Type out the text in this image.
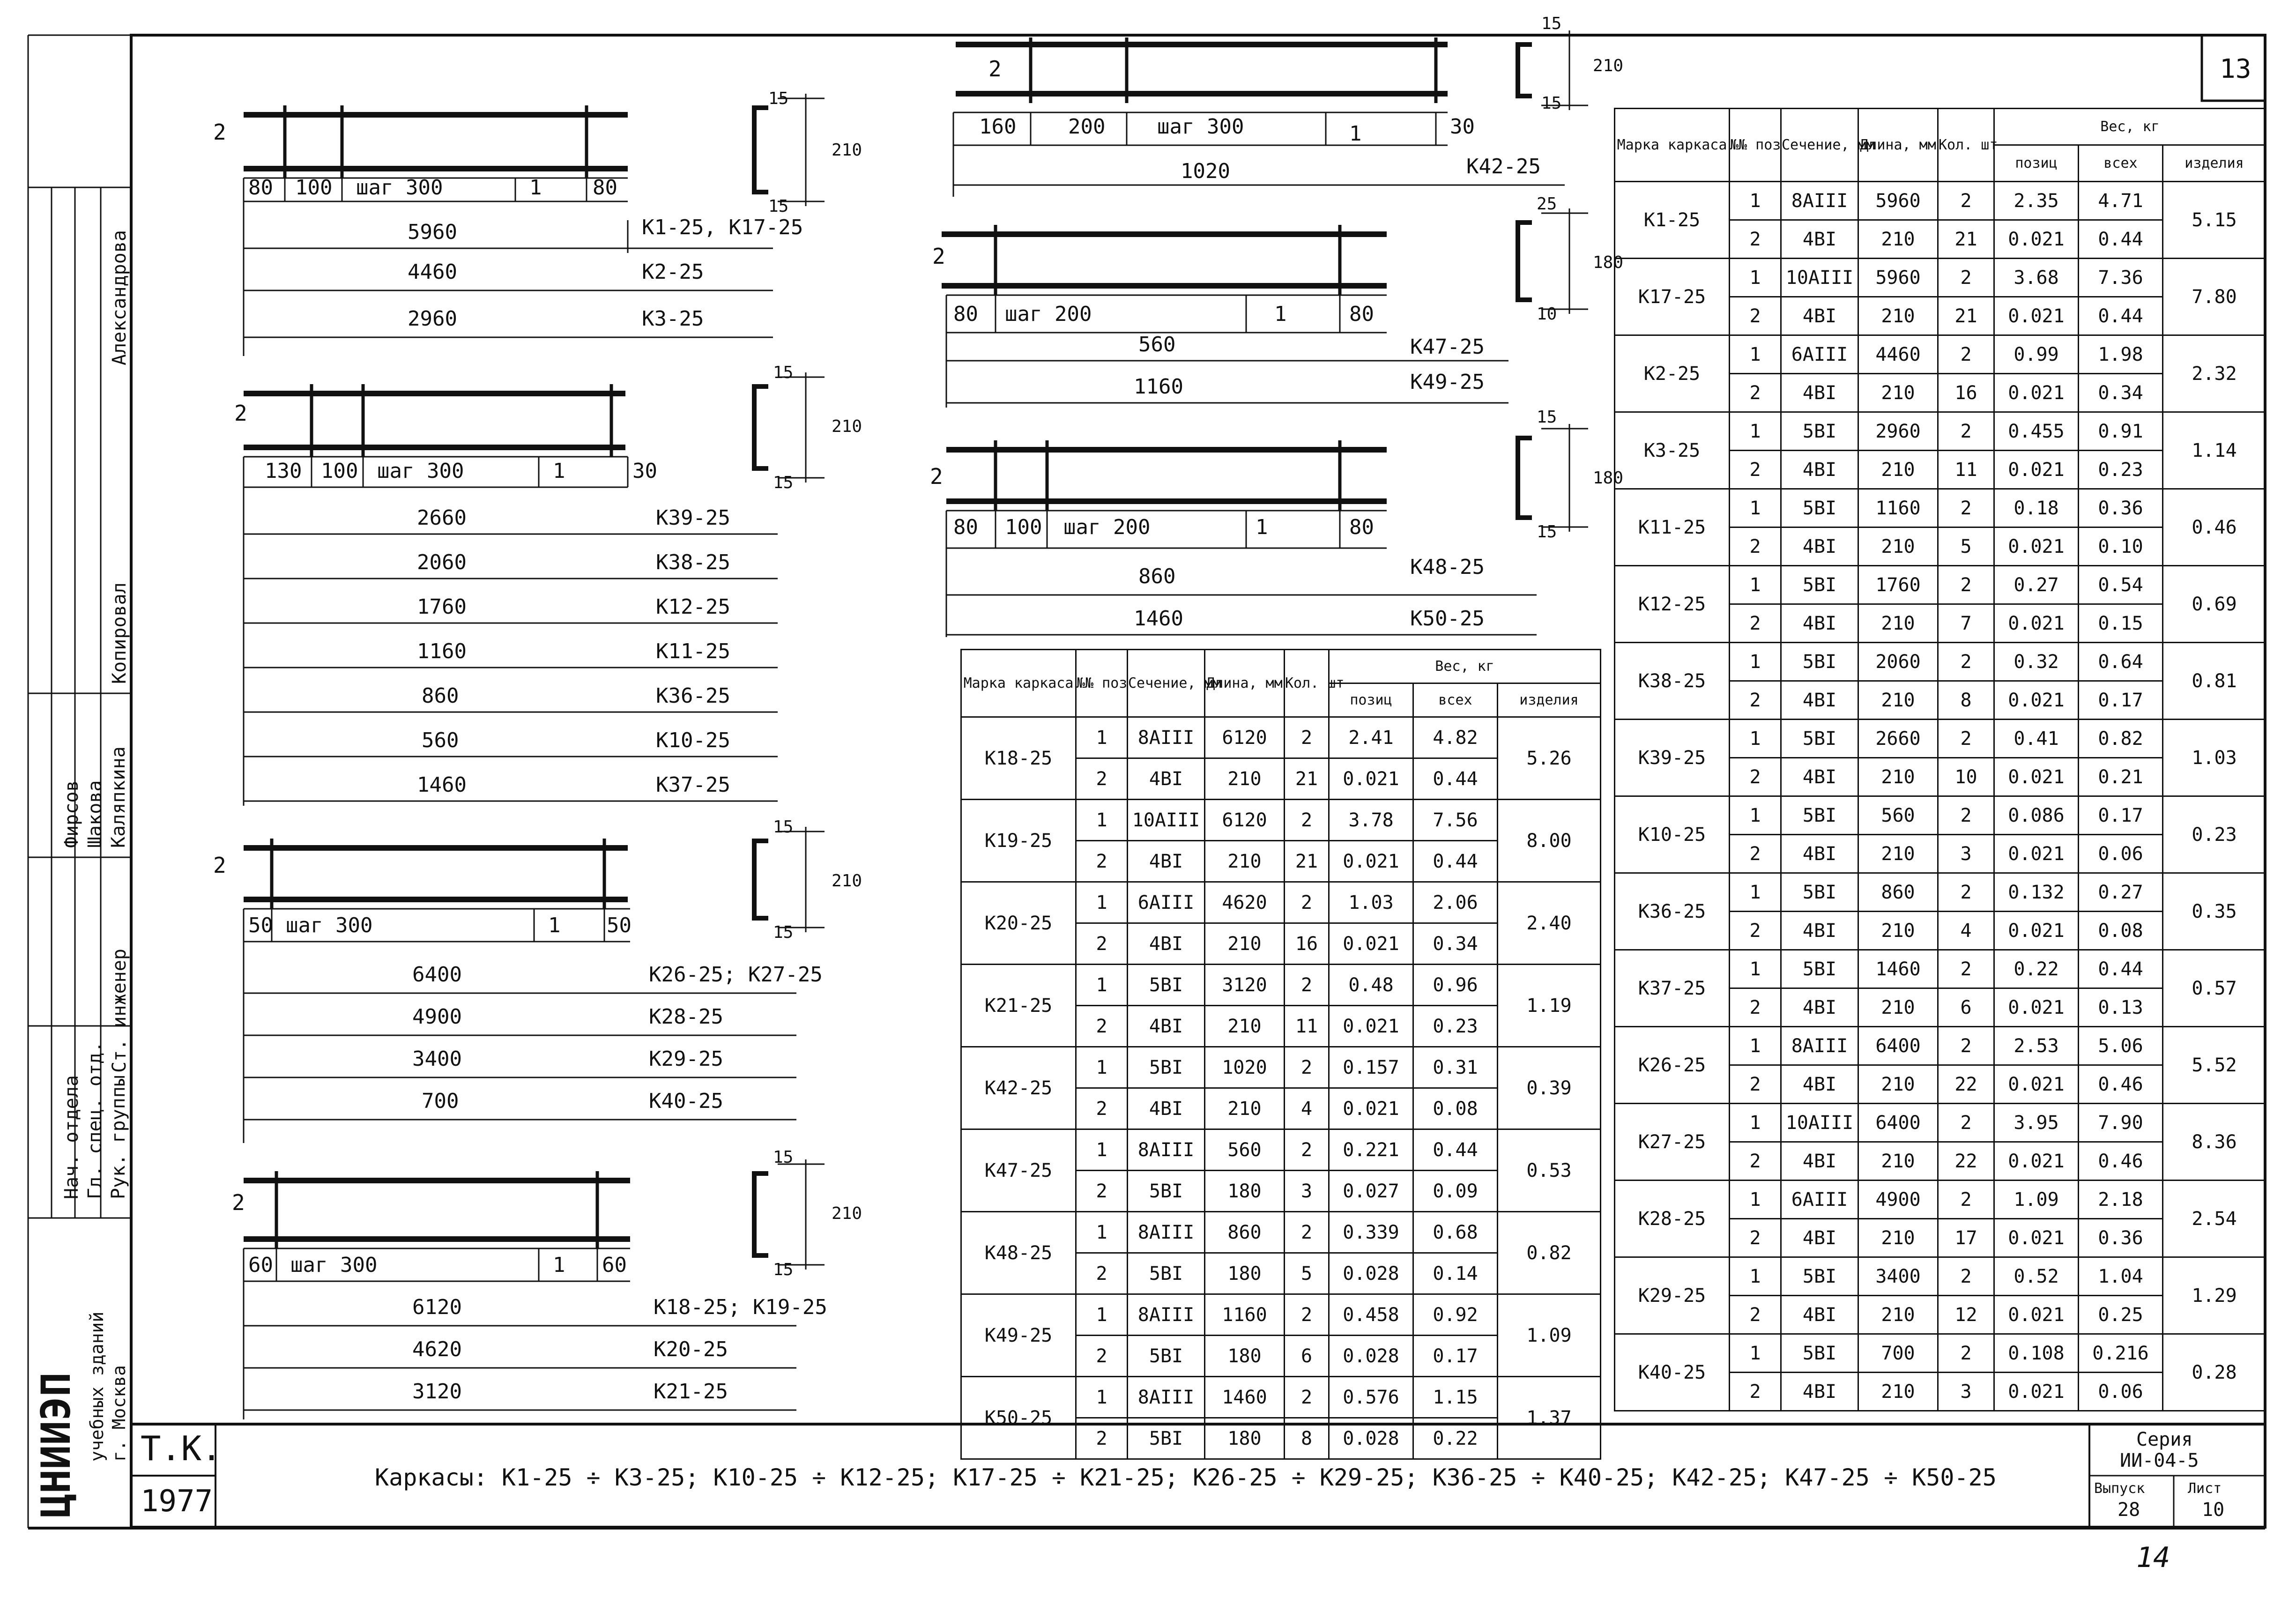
13
2
80 100 шаг 300	1 80
5960	К1-25, К17-25
4460	К2-25
2960	К3-25
15
210
15
2
130 100 шаг 300	1	30
2660	К39-25
2060	К38-25
1760	К12-25
1160	К11-25
860	К36-25
560	К10-25
1460	К37-25
15
210
15
2
50 шаг 300	1 50
6400	К26-25; К27-25
4900	К28-25
3400	К29-25
700	К40-25
15
210
15
2
60 шаг 300	1 60
6120	К18-25; К19-25
4620	К20-25
3120	К21-25
15
210
15
2
160	200	шаг 300	1	30
1020	К42-25
15
210
15
2
80 шаг 200	1	80
560	К47-25
1160	К49-25
25
180
10
2
80 100 шаг 200	1	80
860	К48-25
1460	К50-25
15
180
15
Марка каркаса	№№ поз	Сечение, мм	Длина, мм	Кол. шт	Вес, кг		
					позиц	всех	изделия
К18-25	1	8AIII	6120	2	2.41	4.82	5.26
	2	4BI	210	21	0.021	0.44	
К19-25	1	10AIII	6120	2	3.78	7.56	8.00
	2	4BI	210	21	0.021	0.44	
К20-25	1	6AIII	4620	2	1.03	2.06	2.40
	2	4BI	210	16	0.021	0.34	
К21-25	1	5BI	3120	2	0.48	0.96	1.19
	2	4BI	210	11	0.021	0.23	
К42-25	1	5BI	1020	2	0.157	0.31	0.39
	2	4BI	210	4	0.021	0.08	
К47-25	1	8AIII	560	2	0.221	0.44	0.53
	2	5BI	180	3	0.027	0.09	
К48-25	1	8AIII	860	2	0.339	0.68	0.82
	2	5BI	180	5	0.028	0.14	
К49-25	1	8AIII	1160	2	0.458	0.92	1.09
	2	5BI	180	6	0.028	0.17	
К50-25	1	8AIII	1460	2	0.576	1.15	1.37
	2	5BI	180	8	0.028	0.22	
Марка каркаса	№№ поз	Сечение, мм	Длина, мм	Кол. шт	Вес, кг		
					позиц	всех	изделия
К1-25	1	8AIII	5960	2	2.35	4.71	5.15
	2	4BI	210	21	0.021	0.44	
К17-25	1	10AIII	5960	2	3.68	7.36	7.80
	2	4BI	210	21	0.021	0.44	
К2-25	1	6AIII	4460	2	0.99	1.98	2.32
	2	4BI	210	16	0.021	0.34	
К3-25	1	5BI	2960	2	0.455	0.91	1.14
	2	4BI	210	11	0.021	0.23	
К11-25	1	5BI	1160	2	0.18	0.36	0.46
	2	4BI	210	5	0.021	0.10	
К12-25	1	5BI	1760	2	0.27	0.54	0.69
	2	4BI	210	7	0.021	0.15	
К38-25	1	5BI	2060	2	0.32	0.64	0.81
	2	4BI	210	8	0.021	0.17	
К39-25	1	5BI	2660	2	0.41	0.82	1.03
	2	4BI	210	10	0.021	0.21	
К10-25	1	5BI	560	2	0.086	0.17	0.23
	2	4BI	210	3	0.021	0.06	
К36-25	1	5BI	860	2	0.132	0.27	0.35
	2	4BI	210	4	0.021	0.08	
К37-25	1	5BI	1460	2	0.22	0.44	0.57
	2	4BI	210	6	0.021	0.13	
К26-25	1	8AIII	6400	2	2.53	5.06	5.52
	2	4BI	210	22	0.021	0.46	
К27-25	1	10AIII	6400	2	3.95	7.90	8.36
	2	4BI	210	22	0.021	0.46	
К28-25	1	6AIII	4900	2	1.09	2.18	2.54
	2	4BI	210	17	0.021	0.36	
К29-25	1	5BI	3400	2	0.52	1.04	1.29
	2	4BI	210	12	0.021	0.25	
К40-25	1	5BI	700	2	0.108	0.216	0.28
	2	4BI	210	3	0.021	0.06	
Нач. отдела Гл. спец. отд. Рук. группы
Ст. инженер
Копировал
Фирсов Шакова Каляпкина
Александрова
ЦНИИЭП учебных зданий г. Москва Т.К.
1977
Каркасы: К1-25 ÷ К3-25; К10-25 ÷ К12-25; К17-25 ÷ К21-25; К26-25 ÷ К29-25; К36-25 ÷ К40-25; К42-25; К47-25 ÷ К50-25
Серия
ИИ-04-5
Выпуск
28
Лист
10
14
